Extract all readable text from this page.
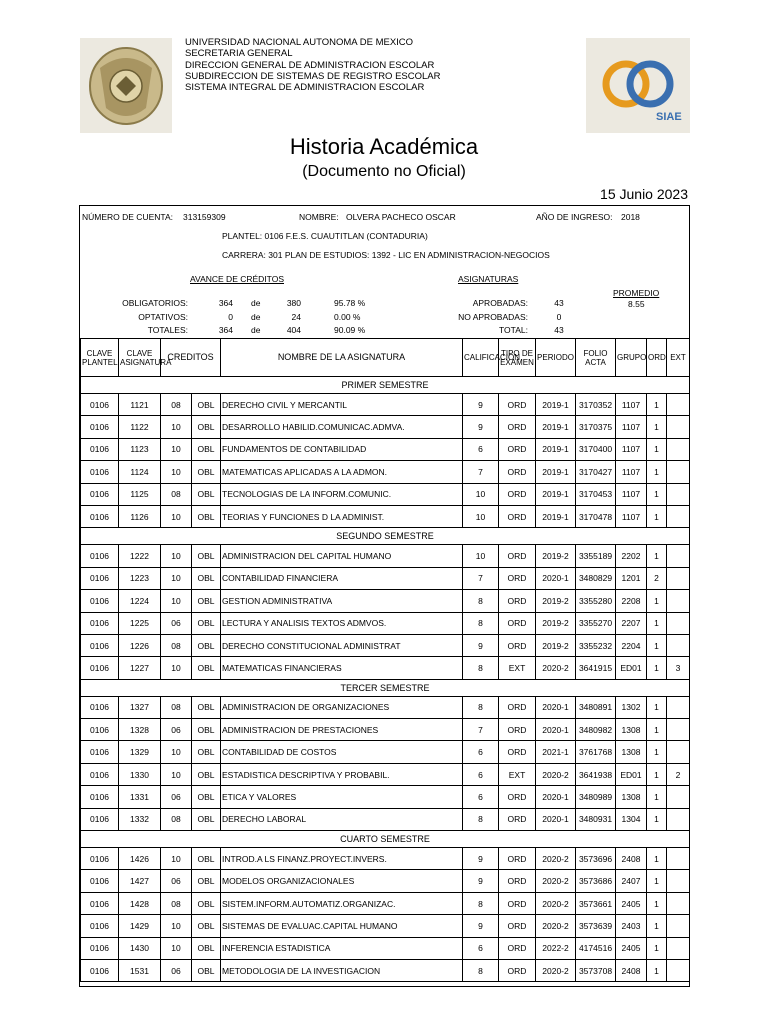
SIAE
UNIVERSIDAD NACIONAL AUTONOMA DE MEXICO
SECRETARIA GENERAL
DIRECCION GENERAL DE ADMINISTRACION ESCOLAR
SUBDIRECCION DE SISTEMAS DE REGISTRO ESCOLAR
SISTEMA INTEGRAL DE ADMINISTRACION ESCOLAR
Historia Académica
(Documento no Oficial)
15 Junio 2023
NÚMERO DE CUENTA: 313159309	NOMBRE: OLVERA PACHECO OSCAR	AÑO DE INGRESO: 2018
PLANTEL: 0106 F.E.S. CUAUTITLAN (CONTADURIA)
CARRERA: 301 PLAN DE ESTUDIOS: 1392 - LIC EN ADMINISTRACION-NEGOCIOS
AVANCE DE CRÉDITOS	ASIGNATURAS
PROMEDIO
8.55
OBLIGATORIOS:	364 de	380	95.78 %	APROBADAS:	43
OPTATIVOS:	0 de	24	0.00 %	NO APROBADAS:	0
TOTALES:	364 de	404	90.09 %	TOTAL:	43
CLAVE PLANTEL	CLAVE ASIGNATURA	CREDITOS		NOMBRE DE LA ASIGNATURA	CALIFICACION	TIPO DE EXAMEN	PERIODO	FOLIO ACTA	GRUPO	ORD	EXT
PRIMER SEMESTRE											
0106	1121	08	OBL	DERECHO CIVIL Y MERCANTIL	9	ORD	2019-1	3170352	1107	1	
0106	1122	10	OBL	DESARROLLO HABILID.COMUNICAC.ADMVA.	9	ORD	2019-1	3170375	1107	1	
0106	1123	10	OBL	FUNDAMENTOS DE CONTABILIDAD	6	ORD	2019-1	3170400	1107	1	
0106	1124	10	OBL	MATEMATICAS APLICADAS A LA ADMON.	7	ORD	2019-1	3170427	1107	1	
0106	1125	08	OBL	TECNOLOGIAS DE LA INFORM.COMUNIC.	10	ORD	2019-1	3170453	1107	1	
0106	1126	10	OBL	TEORIAS Y FUNCIONES D LA ADMINIST.	10	ORD	2019-1	3170478	1107	1	
SEGUNDO SEMESTRE											
0106	1222	10	OBL	ADMINISTRACION DEL CAPITAL HUMANO	10	ORD	2019-2	3355189	2202	1	
0106	1223	10	OBL	CONTABILIDAD FINANCIERA	7	ORD	2020-1	3480829	1201	2	
0106	1224	10	OBL	GESTION ADMINISTRATIVA	8	ORD	2019-2	3355280	2208	1	
0106	1225	06	OBL	LECTURA Y ANALISIS TEXTOS ADMVOS.	8	ORD	2019-2	3355270	2207	1	
0106	1226	08	OBL	DERECHO CONSTITUCIONAL ADMINISTRAT	9	ORD	2019-2	3355232	2204	1	
0106	1227	10	OBL	MATEMATICAS FINANCIERAS	8	EXT	2020-2	3641915	ED01	1	3
TERCER SEMESTRE											
0106	1327	08	OBL	ADMINISTRACION DE ORGANIZACIONES	8	ORD	2020-1	3480891	1302	1	
0106	1328	06	OBL	ADMINISTRACION DE PRESTACIONES	7	ORD	2020-1	3480982	1308	1	
0106	1329	10	OBL	CONTABILIDAD DE COSTOS	6	ORD	2021-1	3761768	1308	1	
0106	1330	10	OBL	ESTADISTICA DESCRIPTIVA Y PROBABIL.	6	EXT	2020-2	3641938	ED01	1	2
0106	1331	06	OBL	ETICA Y VALORES	6	ORD	2020-1	3480989	1308	1	
0106	1332	08	OBL	DERECHO LABORAL	8	ORD	2020-1	3480931	1304	1	
CUARTO SEMESTRE											
0106	1426	10	OBL	INTROD.A LS FINANZ.PROYECT.INVERS.	9	ORD	2020-2	3573696	2408	1	
0106	1427	06	OBL	MODELOS ORGANIZACIONALES	9	ORD	2020-2	3573686	2407	1	
0106	1428	08	OBL	SISTEM.INFORM.AUTOMATIZ.ORGANIZAC.	8	ORD	2020-2	3573661	2405	1	
0106	1429	10	OBL	SISTEMAS DE EVALUAC.CAPITAL HUMANO	9	ORD	2020-2	3573639	2403	1	
0106	1430	10	OBL	INFERENCIA ESTADISTICA	6	ORD	2022-2	4174516	2405	1	
0106	1531	06	OBL	METODOLOGIA DE LA INVESTIGACION	8	ORD	2020-2	3573708	2408	1	
